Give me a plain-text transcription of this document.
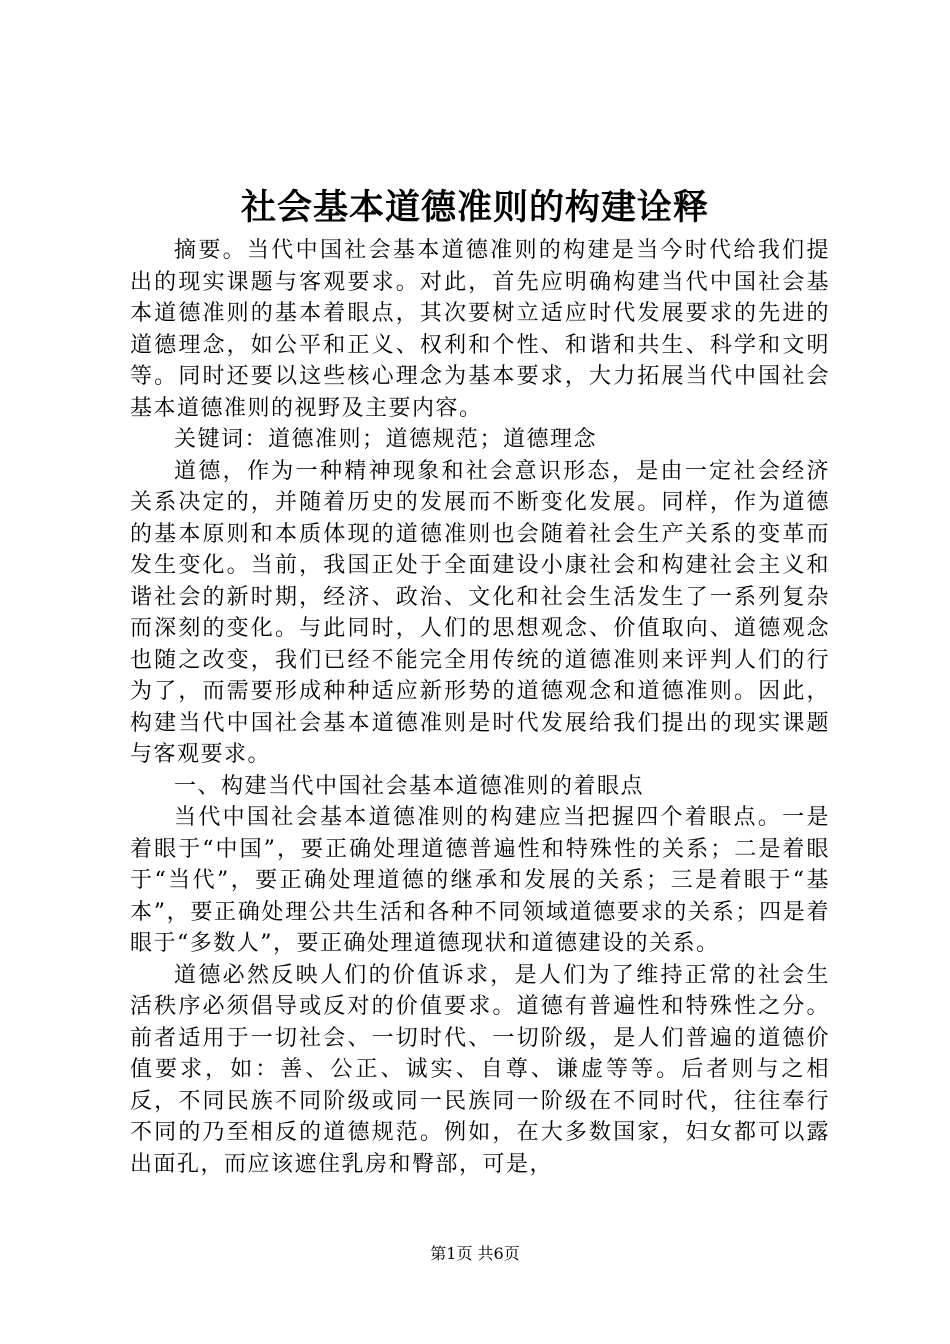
社会基本道德准则的构建诠释

摘要。当代中国社会基本道德准则的构建是当今时代给我们提出的现实课题与客观要求。对此，首先应明确构建当代中国社会基本道德准则的基本着眼点，其次要树立适应时代发展要求的先进的道德理念，如公平和正义、权利和个性、和谐和共生、科学和文明等。同时还要以这些核心理念为基本要求，大力拓展当代中国社会基本道德准则的视野及主要内容。

关键词：道德准则；道德规范；道德理念

道德，作为一种精神现象和社会意识形态，是由一定社会经济关系决定的，并随着历史的发展而不断变化发展。同样，作为道德的基本原则和本质体现的道德准则也会随着社会生产关系的变革而发生变化。当前，我国正处于全面建设小康社会和构建社会主义和谐社会的新时期，经济、政治、文化和社会生活发生了一系列复杂而深刻的变化。与此同时，人们的思想观念、价值取向、道德观念也随之改变，我们已经不能完全用传统的道德准则来评判人们的行为了，而需要形成种种适应新形势的道德观念和道德准则。因此，构建当代中国社会基本道德准则是时代发展给我们提出的现实课题与客观要求。

一、构建当代中国社会基本道德准则的着眼点

当代中国社会基本道德准则的构建应当把握四个着眼点。一是着眼于“中国”，要正确处理道德普遍性和特殊性的关系；二是着眼于“当代”，要正确处理道德的继承和发展的关系；三是着眼于“基本”，要正确处理公共生活和各种不同领域道德要求的关系；四是着眼于“多数人”，要正确处理道德现状和道德建设的关系。

道德必然反映人们的价值诉求，是人们为了维持正常的社会生活秩序必须倡导或反对的价值要求。道德有普遍性和特殊性之分。前者适用于一切社会、一切时代、一切阶级，是人们普遍的道德价值要求，如：善、公正、诚实、自尊、谦虚等等。后者则与之相反，不同民族不同阶级或同一民族同一阶级在不同时代，往往奉行不同的乃至相反的道德规范。例如，在大多数国家，妇女都可以露出面孔，而应该遮住乳房和臀部，可是，

第1页 共6页
